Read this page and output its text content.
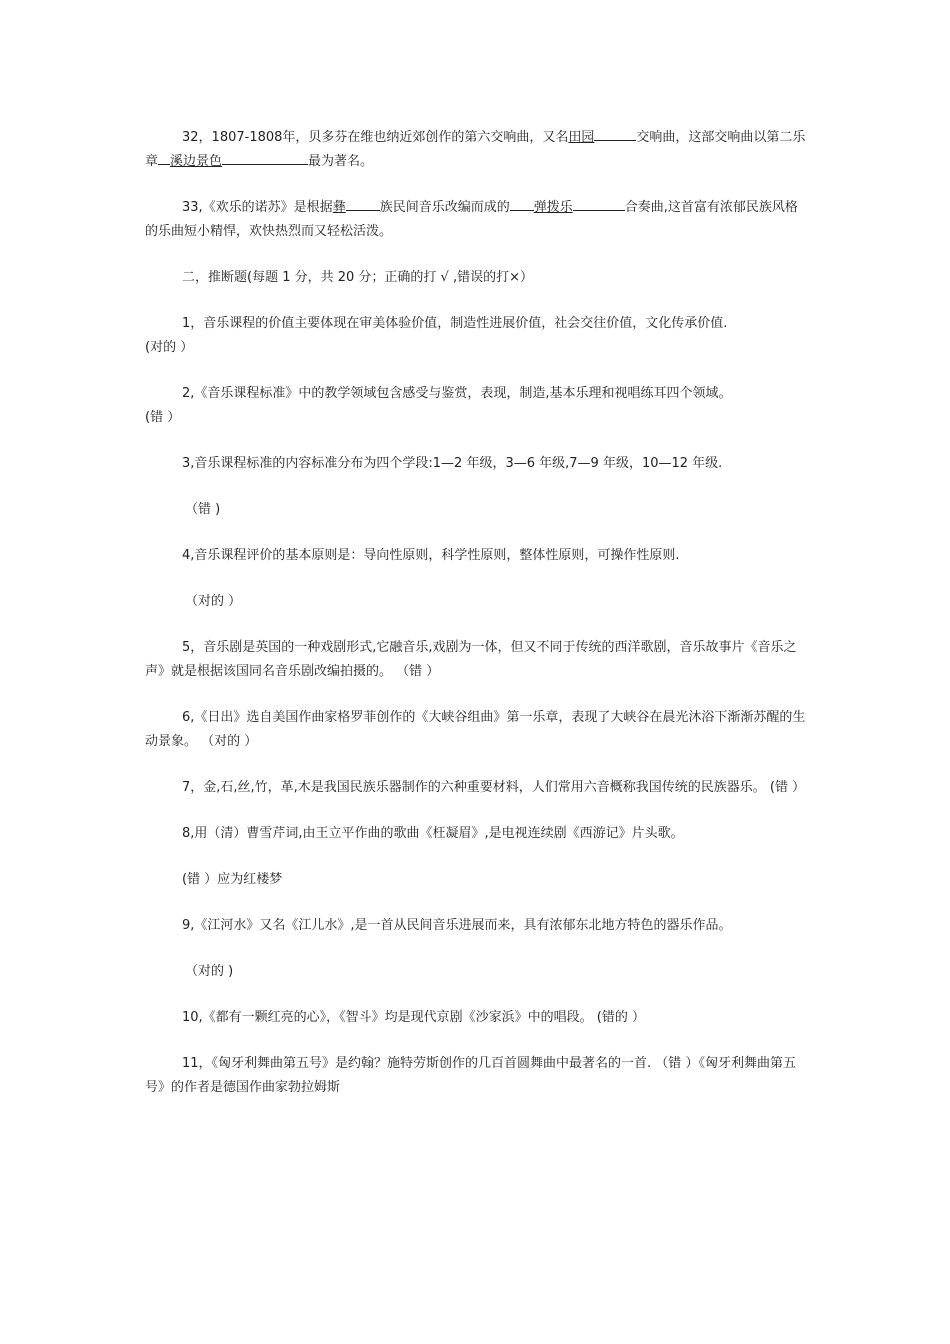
32，1807-1808年，贝多芬在维也纳近郊创作的第六交响曲，又名田园	交响曲，这部交响曲以第二乐章 溪边景色	最为著名。

33,《欢乐的诺苏》是根据彝	族民间音乐改编而成的 弹拨乐	合奏曲,这首富有浓郁民族风格的乐曲短小精悍，欢快热烈而又轻松活泼。

二，推断题(每题 1 分，共 20 分；正确的打 √ ,错误的打×）

1，音乐课程的价值主要体现在审美体验价值，制造性进展价值，社会交往价值，文化传承价值.

(对的 ）

2,《音乐课程标准》中的教学领域包含感受与鉴赏，表现，制造,基本乐理和视唱练耳四个领域。

(错 ）

3,音乐课程标准的内容标准分布为四个学段:1—2 年级，3—6 年级,7—9 年级，10—12 年级.

（错 )

4,音乐课程评价的基本原则是：导向性原则，科学性原则，整体性原则，可操作性原则.

（对的 ）

5，音乐剧是英国的一种戏剧形式,它融音乐,戏剧为一体，但又不同于传统的西洋歌剧，音乐故事片《音乐之声》就是根据该国同名音乐剧改编拍摄的。 （错 ）

6,《日出》选自美国作曲家格罗菲创作的《大峡谷组曲》第一乐章，表现了大峡谷在晨光沐浴下渐渐苏醒的生动景象。 （对的 ）

7，金,石,丝,竹，革,木是我国民族乐器制作的六种重要材料，人们常用六音概称我国传统的民族器乐。 (错 ）

8,用（清）曹雪芹词,由王立平作曲的歌曲《枉凝眉》,是电视连续剧《西游记》片头歌。

(错 ）应为红楼梦

9,《江河水》又名《江儿水》,是一首从民间音乐进展而来，具有浓郁东北地方特色的器乐作品。

（对的 )

10,《都有一颗红亮的心》，《智斗》均是现代京剧《沙家浜》中的唱段。 (错的 ）

11，《匈牙利舞曲第五号》是约翰？施特劳斯创作的几百首圆舞曲中最著名的一首. （错 ）《匈牙利舞曲第五号》的作者是德国作曲家勃拉姆斯
